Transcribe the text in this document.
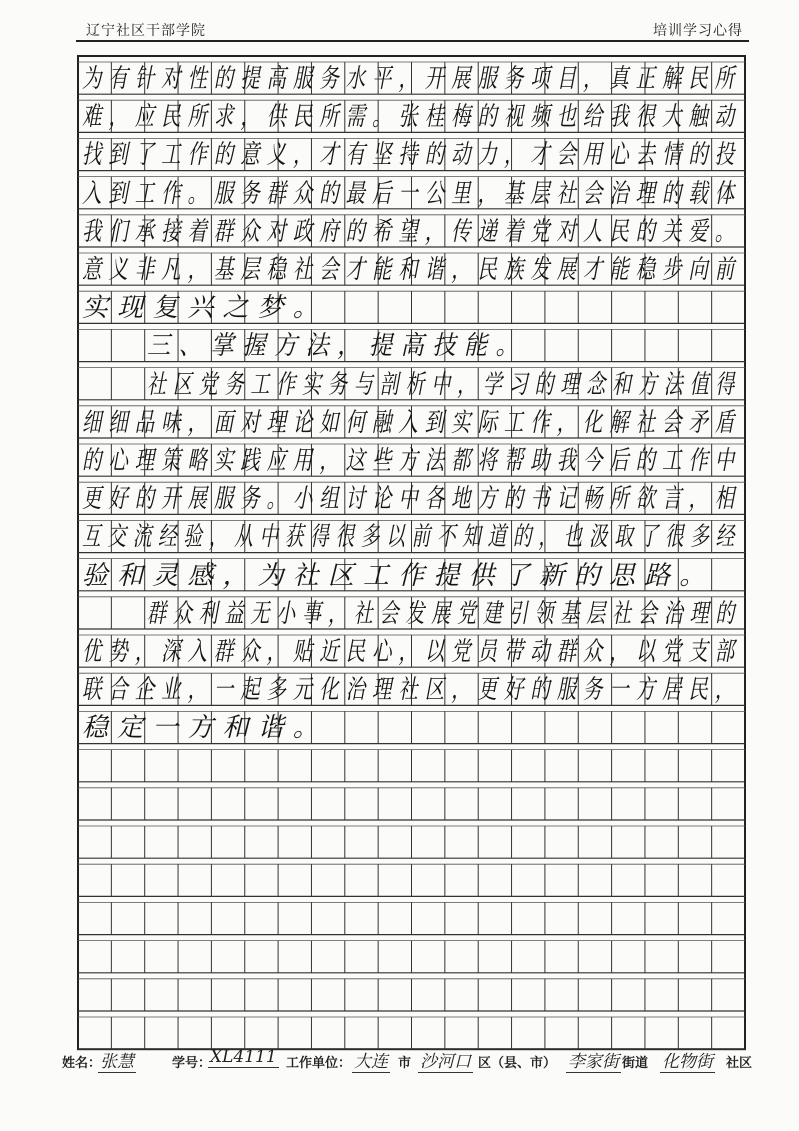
辽宁社区干部学院	培训学习心得
为有针对性的提高服务水平，开展服务项目，真正解民所
难，应民所求，供民所需。张桂梅的视频也给我很大触动
找到了工作的意义，才有坚持的动力，才会用心去情的投
入到工作。服务群众的最后一公里，基层社会治理的载体
我们承接着群众对政府的希望，传递着党对人民的关爱。
意义非凡，基层稳社会才能和谐，民族发展才能稳步向前
实现复兴之梦。
三、掌握方法，提高技能。
社区党务工作实务与剖析中，学习的理念和方法值得
细细品味，面对理论如何融入到实际工作，化解社会矛盾
的心理策略实践应用，这些方法都将帮助我今后的工作中
更好的开展服务。小组讨论中各地方的书记畅所欲言，相
互交流经验，从中获得很多以前不知道的，也汲取了很多经
验和灵感，为社区工作提供了新的思路。
群众利益无小事，社会发展党建引领基层社会治理的
优势，深入群众，贴近民心，以党员带动群众，以党支部
联合企业，一起多元化治理社区，更好的服务一方居民，
稳定一方和谐。
姓名：
张慧	学号：
XL4111 工作单位： 大连 市 沙河口 区（县、市） 李家街 街道 化物街 社区
